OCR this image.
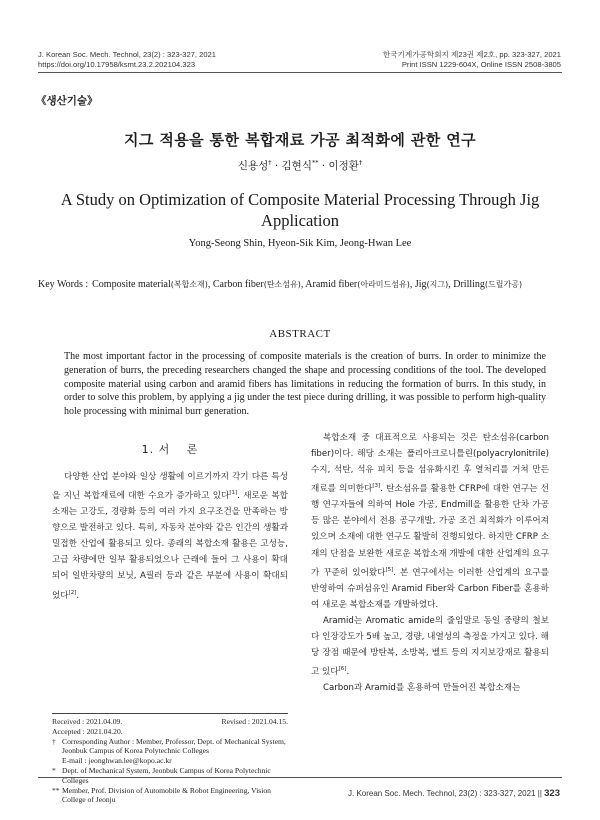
J. Korean Soc. Mech. Technol, 23(2) : 323-327, 2021
https://doi.org/10.17958/ksmt.23.2.202104.323
한국기계가공학회지 제23권 제2호, pp. 323-327, 2021
Print ISSN 1229-604X, Online ISSN 2508-3805
《생산기술》
지그 적용을 통한 복합재료 가공 최적화에 관한 연구
신용성† · 김현식** · 이정환†
A Study on Optimization of Composite Material Processing Through Jig Application
Yong-Seong Shin, Hyeon-Sik Kim, Jeong-Hwan Lee
Key Words : Composite material(복합소재), Carbon fiber(탄소섬유), Aramid fiber(아라미드섬유), Jig(지그), Drilling(드릴가공)
ABSTRACT
The most important factor in the processing of composite materials is the creation of burrs. In order to minimize the generation of burrs, the preceding researchers changed the shape and processing conditions of the tool. The developed composite material using carbon and aramid fibers has limitations in reducing the formation of burrs. In this study, in order to solve this problem, by applying a jig under the test piece during drilling, it was possible to perform high-quality hole processing with minimal burr generation.
1. 서　 론

다양한 산업 분야와 일상 생활에 이르기까지 각기 다른 특성을 지닌 복합재료에 대한 수요가 증가하고 있다[1]. 새로운 복합소재는 고강도, 경량화 등의 여러 가지 요구조건을 만족하는 방향으로 발전하고 있다. 특히, 자동차 분야와 같은 인간의 생활과 밀접한 산업에 활용되고 있다. 종래의 복합소재 활용은 고성능, 고급 차량에만 일부 활용되었으나 근래에 들어 그 사용이 확대되어 일반차량의 보닛, A필러 등과 같은 부분에 사용이 확대되었다[2].

Received : 2021.04.09.	Revised : 2021.04.15.
Accepted : 2021.04.20.
† Corresponding Author : Member, Professor, Dept. of Mechanical System, Jeonbuk Campus of Korea Polytechnic Colleges
E-mail : jeonghwan.lee@kopo.ac.kr
* Dept. of Mechanical System, Jeonbuk Campus of Korea Polytechnic Colleges
** Member, Prof. Division of Automobile & Robot Engineering, Vision College of Jeonju

복합소재 중 대표적으로 사용되는 것은 탄소섬유(carbon fiber)이다. 해당 소재는 폴리아크로니틀린(polyacrylonitrile)수지, 석탄, 석유 피치 등을 섬유화시킨 후 열처리를 거쳐 만든 재료를 의미한다[3]. 탄소섬유를 활용한 CFRP에 대한 연구는 선행 연구자들에 의하여 Hole 가공, Endmill을 활용한 단차 가공 등 많은 분야에서 전용 공구개발, 가공 조건 최적화가 이루어져 있으며 소재에 대한 연구도 활발히 진행되었다. 하지만 CFRP 소재의 단점을 보완한 새로운 복합소재 개발에 대한 산업계의 요구가 꾸준히 있어왔다[5]. 본 연구에서는 이러한 산업계의 요구를 반영하여 슈퍼섬유인 Aramid Fiber와 Carbon Fiber를 혼용하여 새로운 복합소재를 개발하였다.

Aramid는 Aromatic amide의 줄임말로 동일 중량의 철보다 인장강도가 5배 높고, 경량, 내열성의 측정을 가지고 있다. 해당 장점 때문에 방탄복, 소방복, 벨트 등의 지지보강재로 활용되고 있다[6].

Carbon과 Aramid를 혼용하여 만들어진 복합소재는

J. Korean Soc. Mech. Technol, 23(2) : 323-327, 2021 || 323
